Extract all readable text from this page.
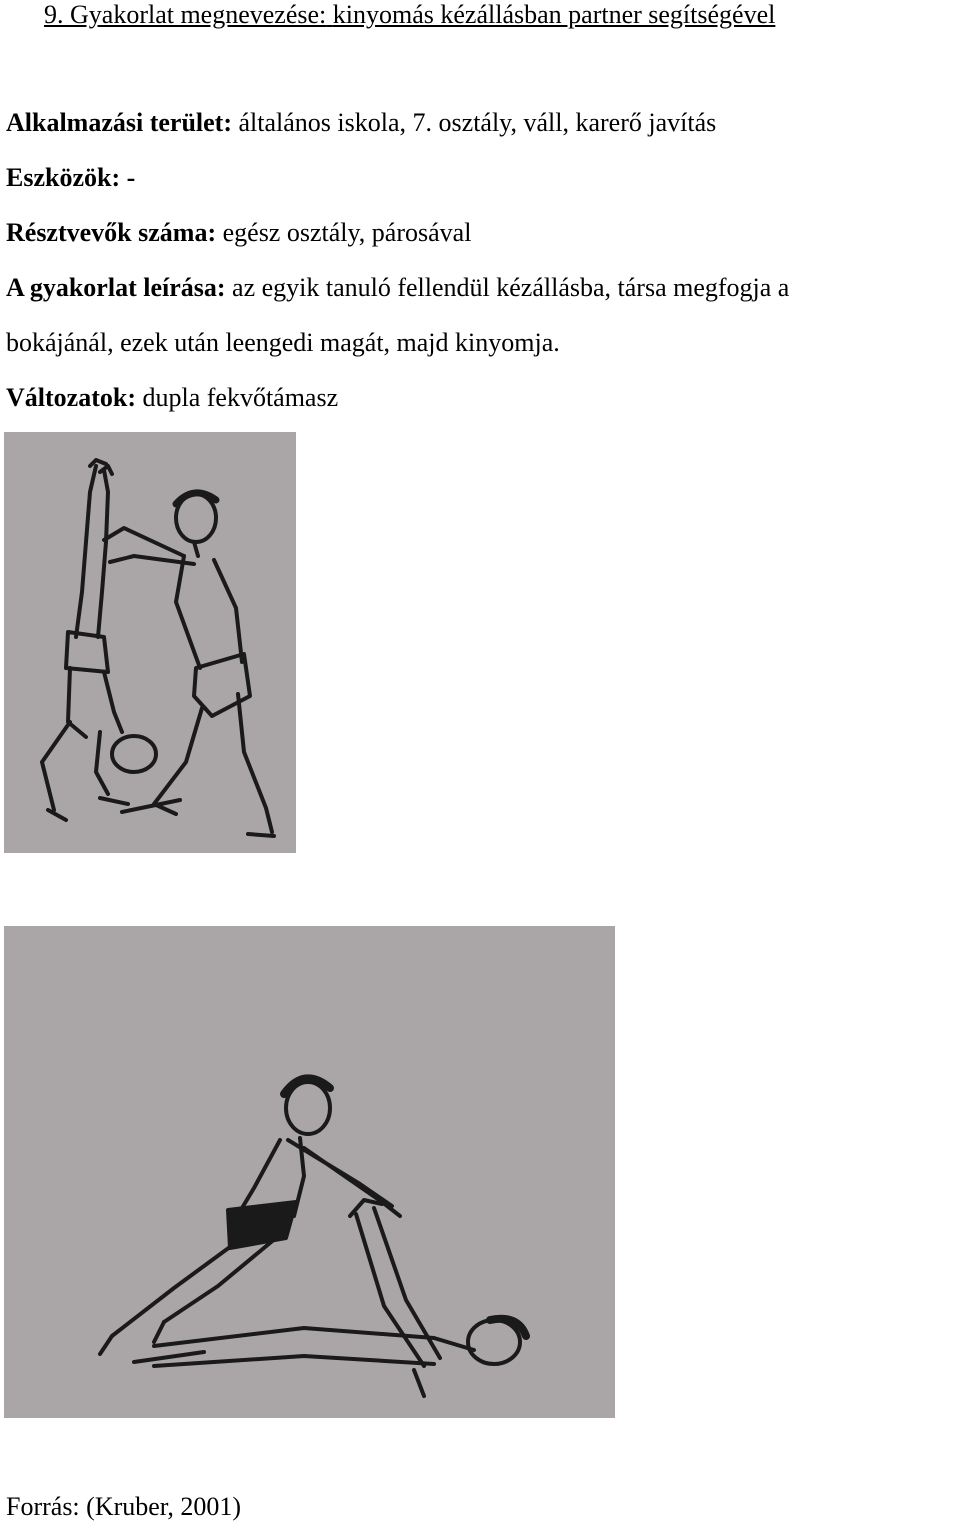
9. Gyakorlat megnevezése: kinyomás kézállásban partner segítségével
Alkalmazási terület: általános iskola, 7. osztály, váll, karerő javítás
Eszközök: -
Résztvevők száma: egész osztály, párosával
A gyakorlat leírása: az egyik tanuló fellendül kézállásba, társa megfogja a
bokájánál, ezek után leengedi magát, majd kinyomja.
Változatok: dupla fekvőtámasz
Forrás: (Kruber, 2001)
